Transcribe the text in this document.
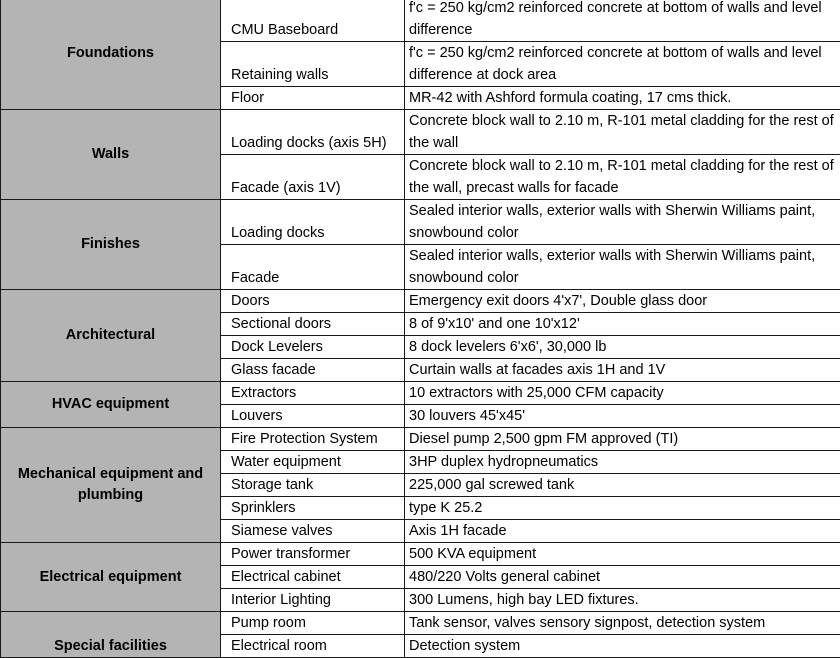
Foundations	CMU Baseboard	f'c = 250 kg/cm2 reinforced concrete at bottom of walls and level difference
	Retaining walls	f'c = 250 kg/cm2 reinforced concrete at bottom of walls and level difference at dock area
	Floor	MR-42 with Ashford formula coating, 17 cms thick.
Walls	Loading docks (axis 5H)	Concrete block wall to 2.10 m, R-101 metal cladding for the rest of the wall
	Facade (axis 1V)	Concrete block wall to 2.10 m, R-101 metal cladding for the rest of the wall, precast walls for facade
Finishes	Loading docks	Sealed interior walls, exterior walls with Sherwin Williams paint, snowbound color
	Facade	Sealed interior walls, exterior walls with Sherwin Williams paint, snowbound color
Architectural	Doors	Emergency exit doors 4'x7', Double glass door
	Sectional doors	8 of 9'x10' and one 10'x12'
	Dock Levelers	8 dock levelers 6'x6', 30,000 lb
	Glass facade	Curtain walls at facades axis 1H and 1V
HVAC equipment	Extractors	10 extractors with 25,000 CFM capacity
	Louvers	30 louvers 45'x45'
Mechanical equipment and plumbing	Fire Protection System	Diesel pump 2,500 gpm FM approved (TI)
	Water equipment	3HP duplex hydropneumatics
	Storage tank	225,000 gal screwed tank
	Sprinklers	type K 25.2
	Siamese valves	Axis 1H facade
Electrical equipment	Power transformer	500 KVA equipment
	Electrical cabinet	480/220 Volts general cabinet
	Interior Lighting	300 Lumens, high bay LED fixtures.
Special facilities	Pump room	Tank sensor, valves sensory signpost, detection system
	Electrical room	Detection system
